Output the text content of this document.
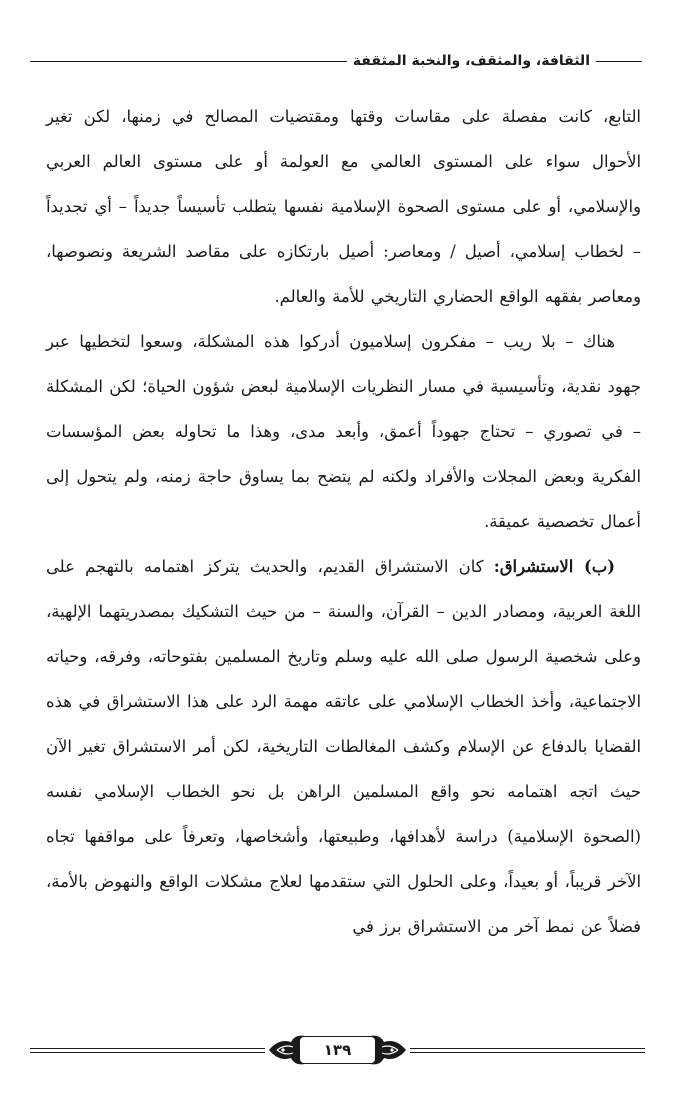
الثقافة، والمثقف، والنخبة المثقفة

التابع، كانت مفصلة على مقاسات وقتها ومقتضيات المصالح في زمنها، لكن تغير الأحوال سواء على المستوى العالمي مع العولمة أو على مستوى العالم العربي والإسلامي، أو على مستوى الصحوة الإسلامية نفسها يتطلب تأسيساً جديداً – أي تجديداً – لخطاب إسلامي، أصيل / ومعاصر: أصيل بارتكازه على مقاصد الشريعة ونصوصها، ومعاصر بفقهه الواقع الحضاري التاريخي للأمة والعالم.

هناك – بلا ريب – مفكرون إسلاميون أدركوا هذه المشكلة، وسعوا لتخطيها عبر جهود نقدية، وتأسيسية في مسار النظريات الإسلامية لبعض شؤون الحياة؛ لكن المشكلة – في تصوري – تحتاج جهوداً أعمق، وأبعد مدى، وهذا ما تحاوله بعض المؤسسات الفكرية وبعض المجلات والأفراد ولكنه لم يتضح بما يساوق حاجة زمنه، ولم يتحول إلى أعمال تخصصية عميقة.

(ب) الاستشراق: كان الاستشراق القديم، والحديث يتركز اهتمامه بالتهجم على اللغة العربية، ومصادر الدين – القرآن، والسنة – من حيث التشكيك بمصدريتهما الإلهية، وعلى شخصية الرسول صلى الله عليه وسلم وتاريخ المسلمين بفتوحاته، وفرقه، وحياته الاجتماعية، وأخذ الخطاب الإسلامي على عاتقه مهمة الرد على هذا الاستشراق في هذه القضايا بالدفاع عن الإسلام وكشف المغالطات التاريخية، لكن أمر الاستشراق تغير الآن حيث اتجه اهتمامه نحو واقع المسلمين الراهن بل نحو الخطاب الإسلامي نفسه (الصحوة الإسلامية) دراسة لأهدافها، وطبيعتها، وأشخاصها، وتعرفاً على مواقفها تجاه الآخر قريباً، أو بعيداً، وعلى الحلول التي ستقدمها لعلاج مشكلات الواقع والنهوض بالأمة، فضلاً عن نمط آخر من الاستشراق برز في

١٣٩
